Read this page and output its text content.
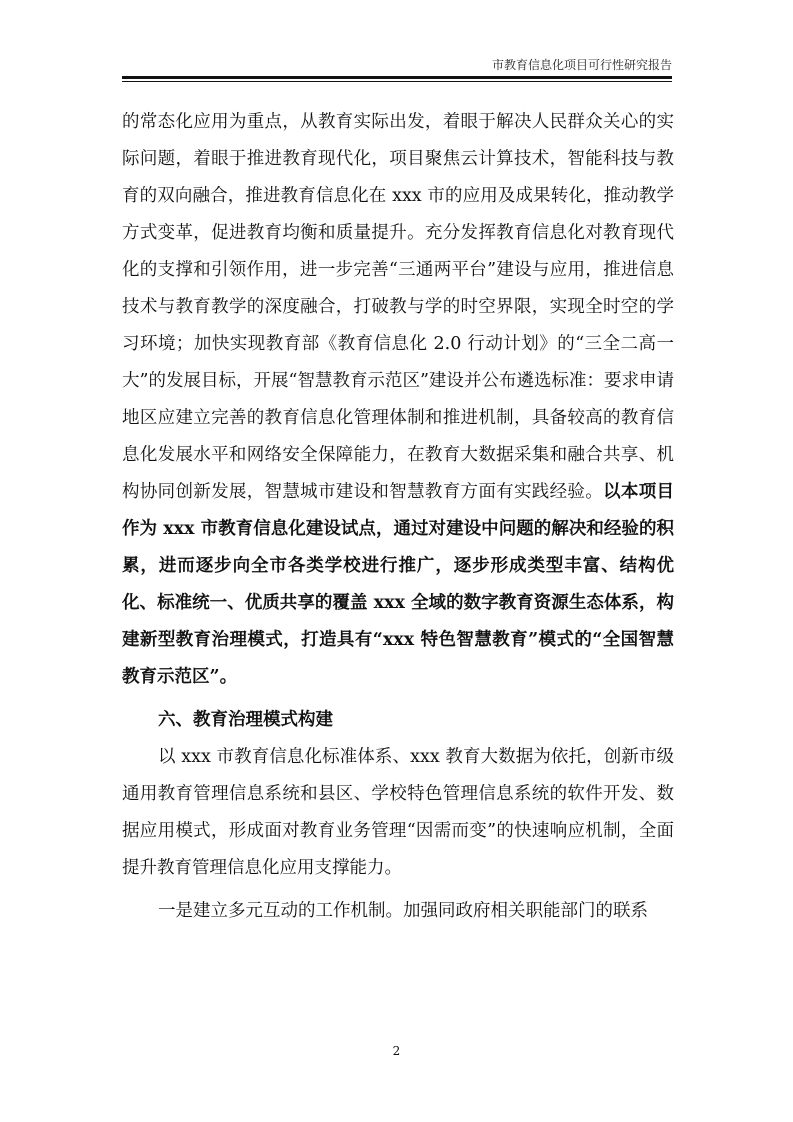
市教育信息化项目可行性研究报告

的常态化应用为重点，从教育实际出发，着眼于解决人民群众关心的实际问题，着眼于推进教育现代化，项目聚焦云计算技术，智能科技与教育的双向融合，推进教育信息化在 xxx 市的应用及成果转化，推动教学方式变革，促进教育均衡和质量提升。充分发挥教育信息化对教育现代化的支撑和引领作用，进一步完善“三通两平台”建设与应用，推进信息技术与教育教学的深度融合，打破教与学的时空界限，实现全时空的学习环境；加快实现教育部《教育信息化 2.0 行动计划》的“三全二高一大”的发展目标，开展“智慧教育示范区”建设并公布遴选标准：要求申请地区应建立完善的教育信息化管理体制和推进机制，具备较高的教育信息化发展水平和网络安全保障能力，在教育大数据采集和融合共享、机构协同创新发展，智慧城市建设和智慧教育方面有实践经验。以本项目作为 xxx 市教育信息化建设试点，通过对建设中问题的解决和经验的积累，进而逐步向全市各类学校进行推广，逐步形成类型丰富、结构优化、标准统一、优质共享的覆盖 xxx 全域的数字教育资源生态体系，构建新型教育治理模式，打造具有“xxx 特色智慧教育”模式的“全国智慧教育示范区”。

六、教育治理模式构建

以 xxx 市教育信息化标准体系、xxx 教育大数据为依托，创新市级通用教育管理信息系统和县区、学校特色管理信息系统的软件开发、数据应用模式，形成面对教育业务管理“因需而变”的快速响应机制，全面提升教育管理信息化应用支撑能力。

一是建立多元互动的工作机制。加强同政府相关职能部门的联系

2
